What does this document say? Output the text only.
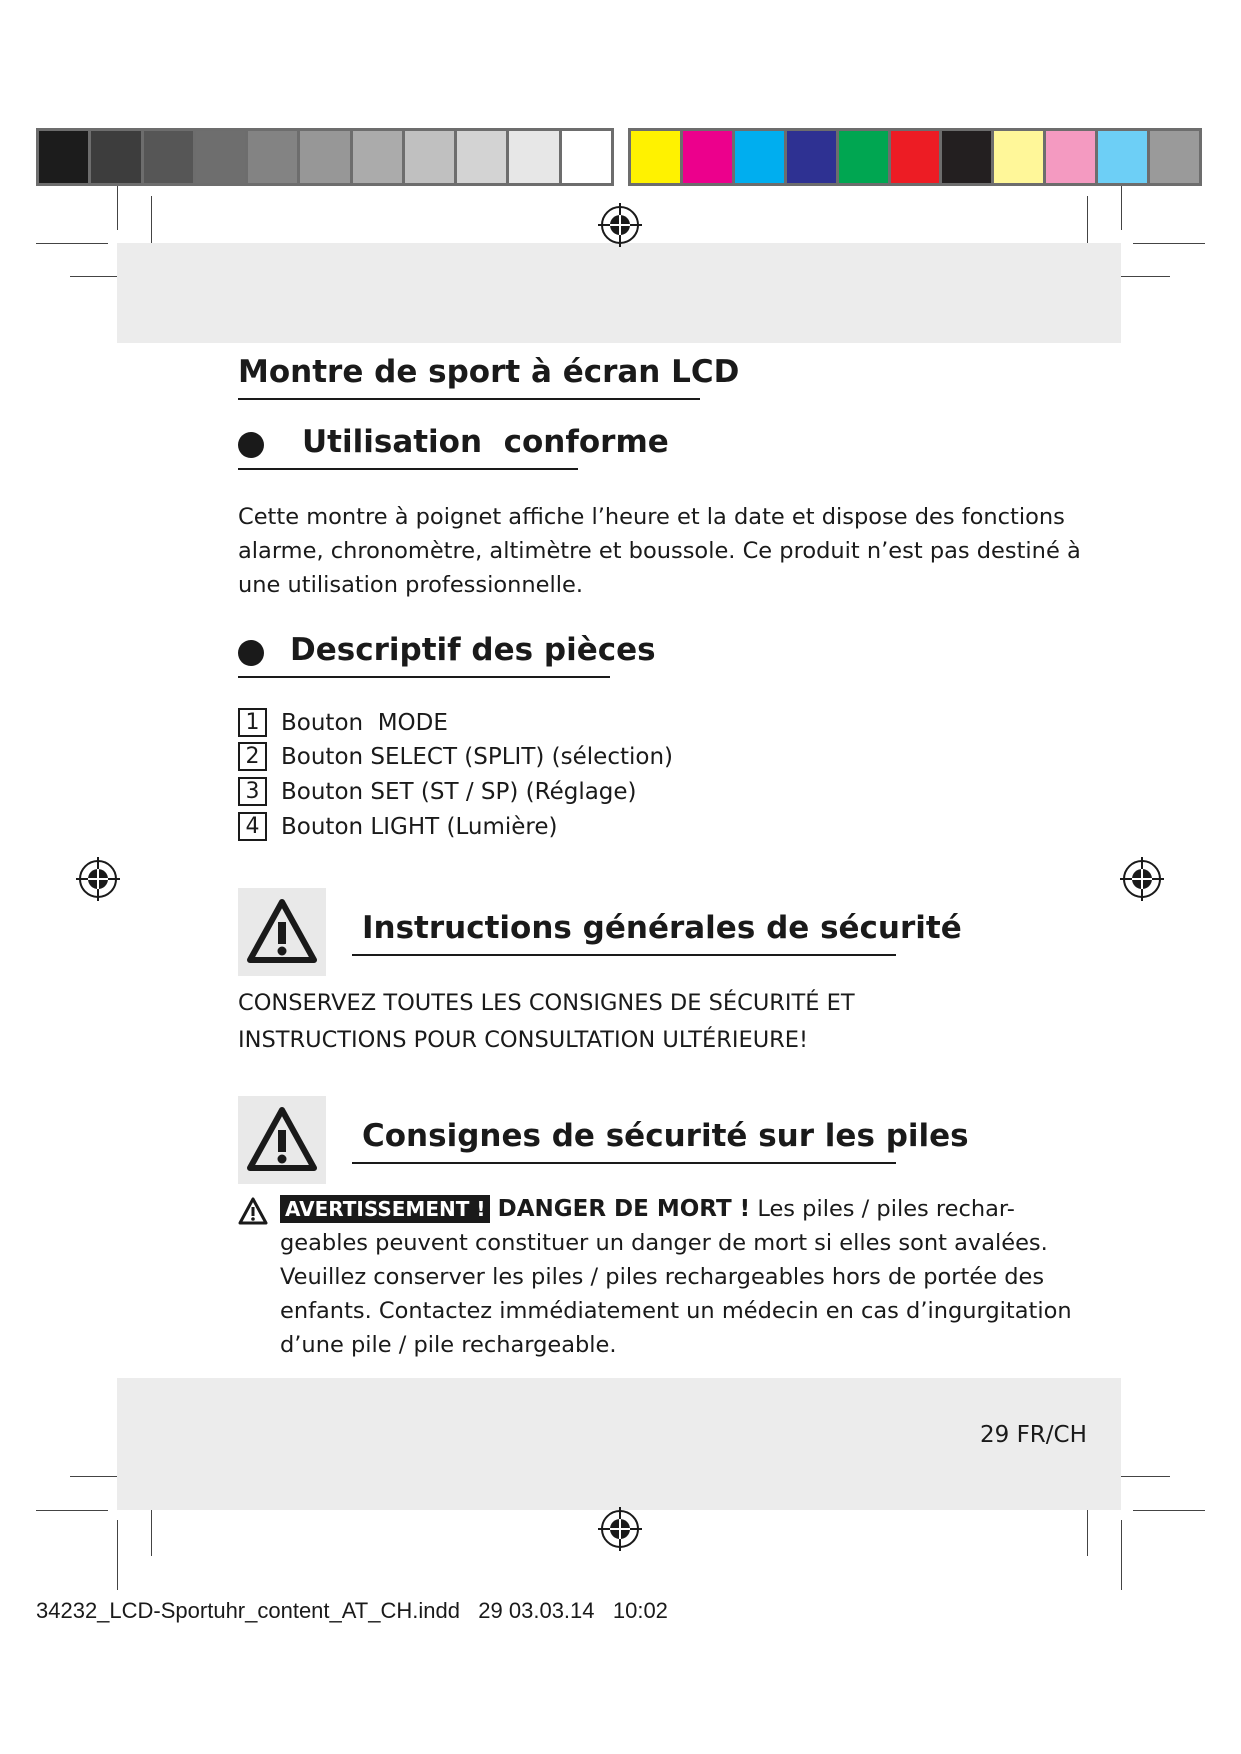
Montre de sport à écran LCD
Utilisation  conforme
Cette montre à poignet affiche l’heure et la date et dispose des fonctions
alarme, chronomètre, altimètre et boussole. Ce produit n’est pas destiné à
une utilisation professionnelle.
Descriptif des pièces
1 Bouton  MODE
2 Bouton SELECT (SPLIT) (sélection)
3 Bouton SET (ST / SP) (Réglage)
4 Bouton LIGHT (Lumière)
Instructions générales de sécurité
CONSERVEZ TOUTES LES CONSIGNES DE SÉCURITÉ ET
INSTRUCTIONS POUR CONSULTATION ULTÉRIEURE!
Consignes de sécurité sur les piles
AVERTISSEMENT ! DANGER DE MORT ! Les piles / piles rechar-
geables peuvent constituer un danger de mort si elles sont avalées.
Veuillez conserver les piles / piles rechargeables hors de portée des
enfants. Contactez immédiatement un médecin en cas d’ingurgitation
d’une pile / pile rechargeable.
29 FR/CH
34232_LCD-Sportuhr_content_AT_CH.indd   29 03.03.14   10:02
